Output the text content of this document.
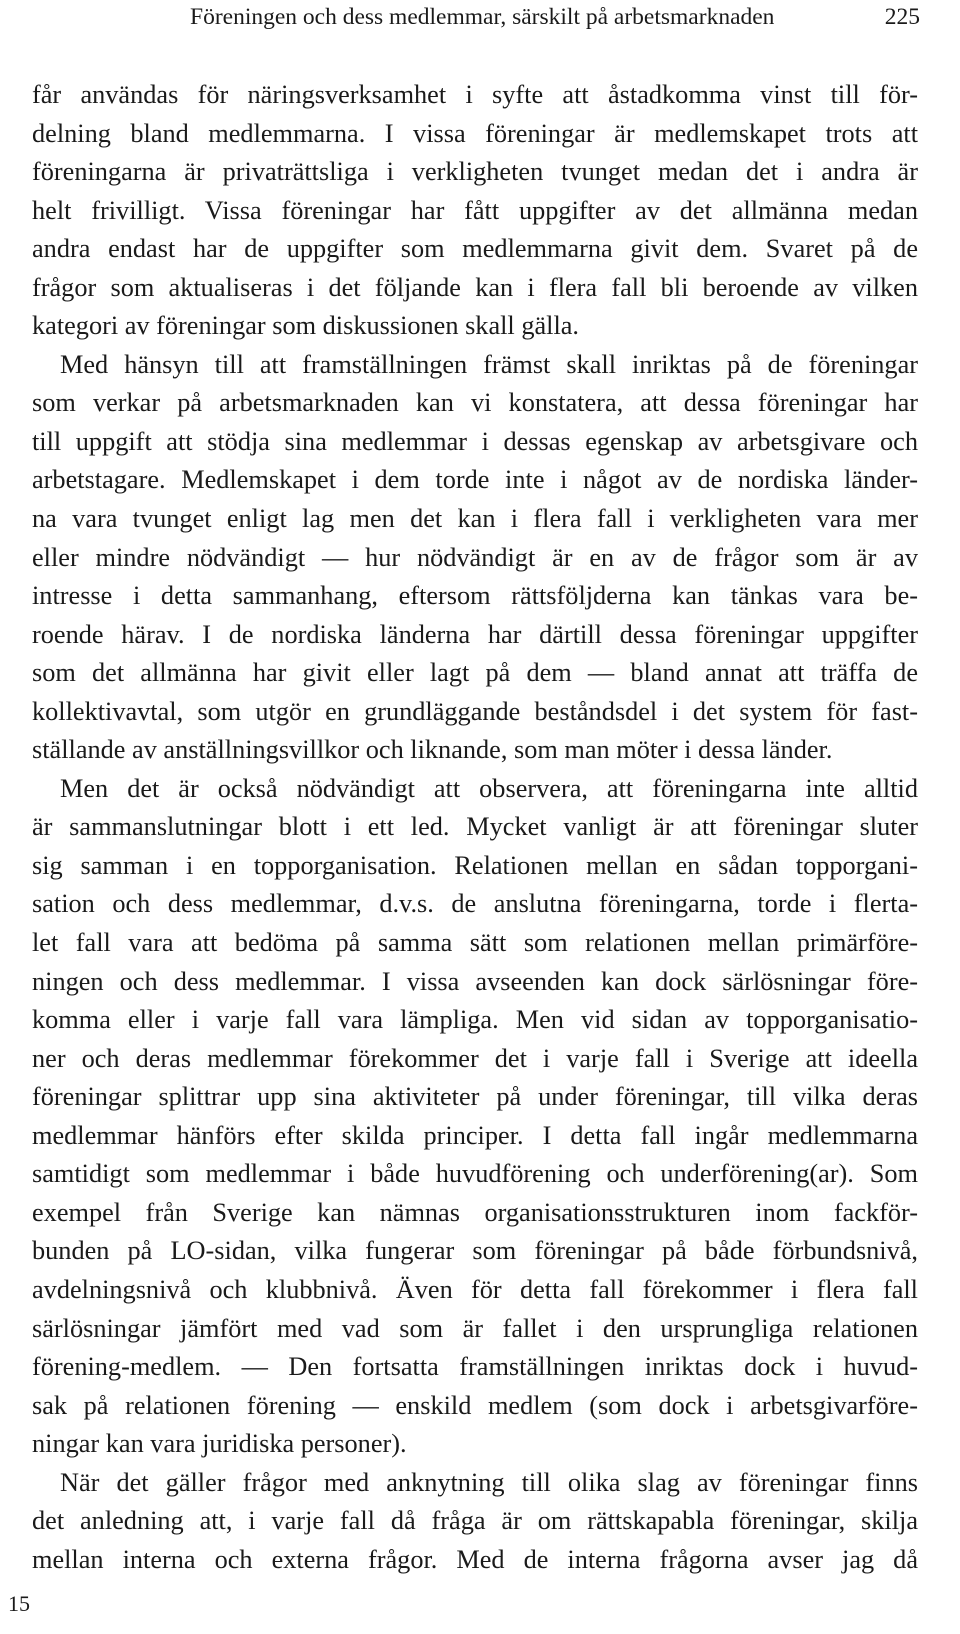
Föreningen och dess medlemmar, särskilt på arbetsmarknaden	225
får användas för näringsverksamhet i syfte att åstadkomma vinst till för-
delning bland medlemmarna. I vissa föreningar är medlemskapet trots att
föreningarna är privaträttsliga i verkligheten tvunget medan det i andra är
helt frivilligt. Vissa föreningar har fått uppgifter av det allmänna medan
andra endast har de uppgifter som medlemmarna givit dem. Svaret på de
frågor som aktualiseras i det följande kan i flera fall bli beroende av vilken
kategori av föreningar som diskussionen skall gälla.
Med hänsyn till att framställningen främst skall inriktas på de föreningar
som verkar på arbetsmarknaden kan vi konstatera, att dessa föreningar har
till uppgift att stödja sina medlemmar i dessas egenskap av arbetsgivare och
arbetstagare. Medlemskapet i dem torde inte i något av de nordiska länder-
na vara tvunget enligt lag men det kan i flera fall i verkligheten vara mer
eller mindre nödvändigt — hur nödvändigt är en av de frågor som är av
intresse i detta sammanhang, eftersom rättsföljderna kan tänkas vara be-
roende härav. I de nordiska länderna har därtill dessa föreningar uppgifter
som det allmänna har givit eller lagt på dem — bland annat att träffa de
kollektivavtal, som utgör en grundläggande beståndsdel i det system för fast-
ställande av anställningsvillkor och liknande, som man möter i dessa länder.
Men det är också nödvändigt att observera, att föreningarna inte alltid
är sammanslutningar blott i ett led. Mycket vanligt är att föreningar sluter
sig samman i en topporganisation. Relationen mellan en sådan topporgani-
sation och dess medlemmar, d.v.s. de anslutna föreningarna, torde i flerta-
let fall vara att bedöma på samma sätt som relationen mellan primärföre-
ningen och dess medlemmar. I vissa avseenden kan dock särlösningar före-
komma eller i varje fall vara lämpliga. Men vid sidan av topporganisatio-
ner och deras medlemmar förekommer det i varje fall i Sverige att ideella
föreningar splittrar upp sina aktiviteter på under föreningar, till vilka deras
medlemmar hänförs efter skilda principer. I detta fall ingår medlemmarna
samtidigt som medlemmar i både huvudförening och underförening(ar). Som
exempel från Sverige kan nämnas organisationsstrukturen inom fackför-
bunden på LO-sidan, vilka fungerar som föreningar på både förbundsnivå,
avdelningsnivå och klubbnivå. Även för detta fall förekommer i flera fall
särlösningar jämfört med vad som är fallet i den ursprungliga relationen
förening-medlem. — Den fortsatta framställningen inriktas dock i huvud-
sak på relationen förening — enskild medlem (som dock i arbetsgivarföre-
ningar kan vara juridiska personer).
När det gäller frågor med anknytning till olika slag av föreningar finns
det anledning att, i varje fall då fråga är om rättskapabla föreningar, skilja
mellan interna och externa frågor. Med de interna frågorna avser jag då
15
